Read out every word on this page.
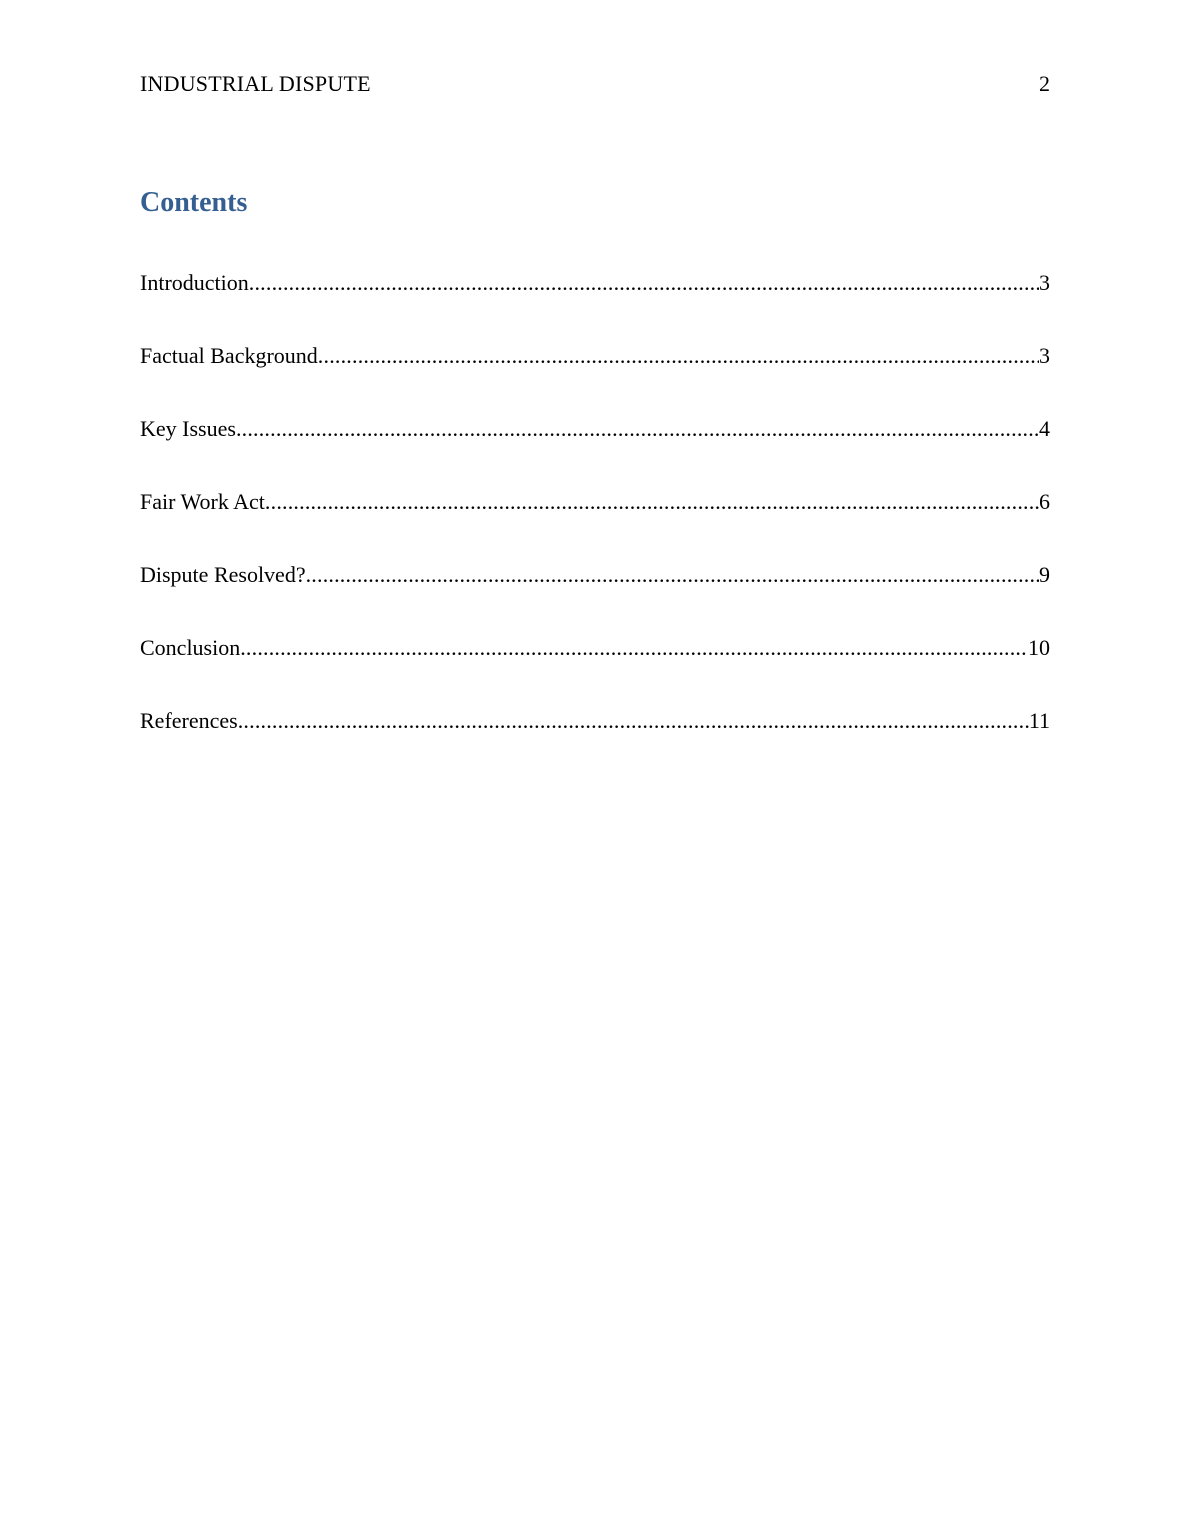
INDUSTRIAL DISPUTE	2
Contents
Introduction .....	3
Factual Background .....	3
Key Issues .....	4
Fair Work Act .....	6
Dispute Resolved? .....	9
Conclusion .....	10
References .....	11
